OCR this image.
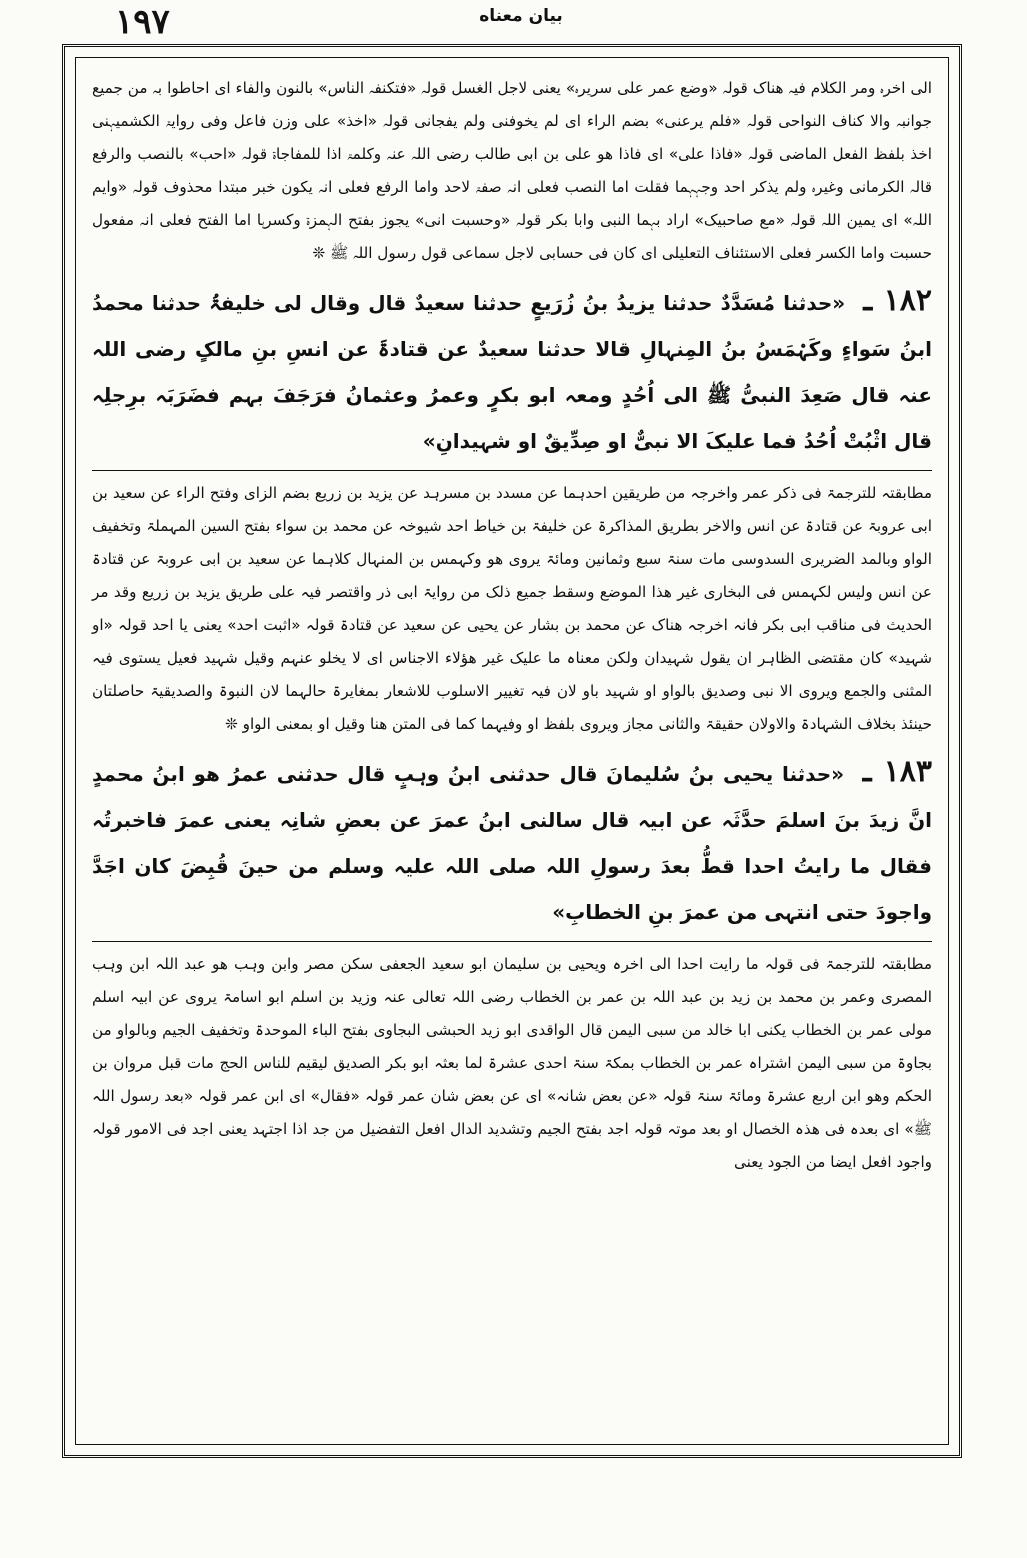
١٩٧	بیان معناه

الی اخرہ ومر الکلام فیہ ھناک قولہ «وضع عمر علی سریرہ» یعنی لاجل الغسل قولہ «فتکنفہ الناس» بالنون والفاء ای احاطوا بہ من جمیع جوانبہ والا کناف النواحی قولہ «فلم یرعنی» بضم الراء ای لم یخوفنی ولم یفجانی قولہ «اخذ» علی وزن فاعل وفی روایۃ الکشمیہنی اخذ بلفظ الفعل الماضی قولہ «فاذا علی» ای فاذا ھو علی بن ابی طالب رضی اللہ عنہ وکلمۃ اذا للمفاجاۃ قولہ «احب» بالنصب والرفع قالہ الکرمانی وغیرہ ولم یذکر احد وجہہما فقلت اما النصب فعلی انہ صفۃ لاحد واما الرفع فعلی انہ یکون خبر مبتدا محذوف قولہ «وایم اللہ» ای یمین اللہ قولہ «مع صاحبیک» اراد بہما النبی وابا بکر قولہ «وحسبت انی» یجوز بفتح الہمزۃ وکسرہا اما الفتح فعلی انہ مفعول حسبت واما الکسر فعلی الاستئناف التعلیلی ای کان فی حسابی لاجل سماعی قول رسول اللہ ﷺ ❊

١٨٢ ـ «حدثنا مُسَدَّدٌ حدثنا یزیدُ بنُ زُرَیعٍ حدثنا سعیدٌ قال وقال لی خلیفۃُ حدثنا محمدُ ابنُ سَواءٍ وکَہْمَسُ بنُ المِنہالِ قالا حدثنا سعیدٌ عن قتادۃَ عن انسِ بنِ مالکٍ رضی اللہ عنہ قال صَعِدَ النبیُّ ﷺ الی اُحُدٍ ومعہ ابو بکرٍ وعمرُ وعثمانُ فرَجَفَ بہم فضَرَبَہ برِجلِہ قال اثْبُتْ اُحُدُ فما علیکَ الا نبیٌّ او صِدِّیقٌ او شہیدانِ»

مطابقتہ للترجمۃ فی ذکر عمر واخرجہ من طریقین احدہما عن مسدد بن مسرہد عن یزید بن زریع بضم الزای وفتح الراء عن سعید بن ابی عروبۃ عن قتادۃ عن انس والاخر بطریق المذاکرۃ عن خلیفۃ بن خیاط احد شیوخہ عن محمد بن سواء بفتح السین المہملۃ وتخفیف الواو وبالمد الضریری السدوسی مات سنۃ سبع وثمانین ومائۃ یروی ھو وکہمس بن المنہال کلاہما عن سعید بن ابی عروبۃ عن قتادۃ عن انس ولیس لکہمس فی البخاری غیر ھذا الموضع وسقط جمیع ذلک من روایۃ ابی ذر واقتصر فیہ علی طریق یزید بن زریع وقد مر الحدیث فی مناقب ابی بکر فانہ اخرجہ ھناک عن محمد بن بشار عن یحیی عن سعید عن قتادۃ قولہ «اثبت احد» یعنی یا احد قولہ «او شہید» کان مقتضی الظاہر ان یقول شہیدان ولکن معناہ ما علیک غیر ھؤلاء الاجناس ای لا یخلو عنہم وقیل شہید فعیل یستوی فیہ المثنی والجمع ویروی الا نبی وصدیق بالواو او شہید باو لان فیہ تغییر الاسلوب للاشعار بمغایرۃ حالہما لان النبوۃ والصدیقیۃ حاصلتان حینئذ بخلاف الشہادۃ والاولان حقیقۃ والثانی مجاز ویروی بلفظ او وفیہما کما فی المتن ھنا وقیل او بمعنی الواو ❊

١٨٣ ـ «حدثنا یحیی بنُ سُلیمانَ قال حدثنی ابنُ وہبٍ قال حدثنی عمرُ ھو ابنُ محمدٍ انَّ زیدَ بنَ اسلمَ حدَّثَہ عن ابیہ قال سالنی ابنُ عمرَ عن بعضِ شانِہ یعنی عمرَ فاخبرتُہ فقال ما رایتُ احدا قطُّ بعدَ رسولِ اللہ صلی اللہ علیہ وسلم من حینَ قُبِضَ کان اجَدَّ واجودَ حتی انتہی من عمرَ بنِ الخطابِ»

مطابقتہ للترجمۃ فی قولہ ما رایت احدا الی اخرہ ویحیی بن سلیمان ابو سعید الجعفی سکن مصر وابن وہب ھو عبد اللہ ابن وہب المصری وعمر بن محمد بن زید بن عبد اللہ بن عمر بن الخطاب رضی اللہ تعالی عنہ وزید بن اسلم ابو اسامۃ یروی عن ابیہ اسلم مولی عمر بن الخطاب یکنی ابا خالد من سبی الیمن قال الواقدی ابو زید الحبشی البجاوی بفتح الباء الموحدۃ وتخفیف الجیم وبالواو من بجاوۃ من سبی الیمن اشتراہ عمر بن الخطاب بمکۃ سنۃ احدی عشرۃ لما بعثہ ابو بکر الصدیق لیقیم للناس الحج مات قبل مروان بن الحکم وھو ابن اربع عشرۃ ومائۃ سنۃ قولہ «عن بعض شانہ» ای عن بعض شان عمر قولہ «فقال» ای ابن عمر قولہ «بعد رسول اللہ ﷺ» ای بعدہ فی ھذہ الخصال او بعد موتہ قولہ اجد بفتح الجیم وتشدید الدال افعل التفضیل من جد اذا اجتہد یعنی اجد فی الامور قولہ واجود افعل ایضا من الجود یعنی
